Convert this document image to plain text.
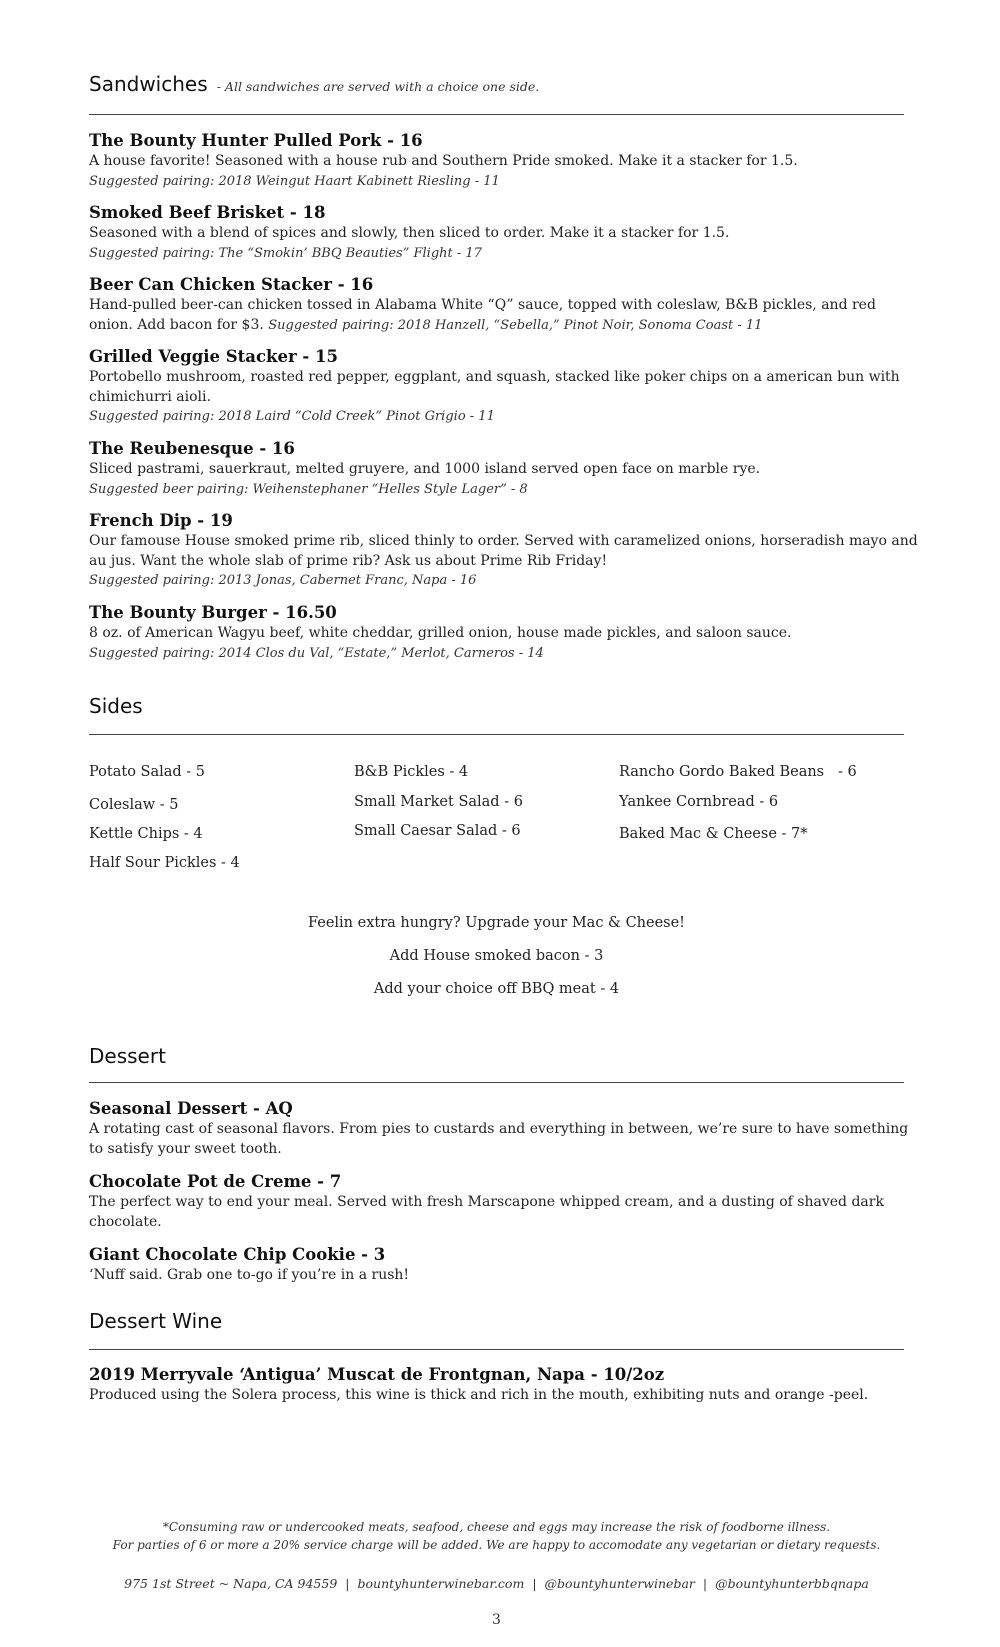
Sandwiches - All sandwiches are served with a choice one side.
The Bounty Hunter Pulled Pork - 16
A house favorite! Seasoned with a house rub and Southern Pride smoked. Make it a stacker for 1.5.
Suggested pairing: 2018 Weingut Haart Kabinett Riesling - 11
Smoked Beef Brisket - 18
Seasoned with a blend of spices and slowly, then sliced to order. Make it a stacker for 1.5.
Suggested pairing: The “Smokin’ BBQ Beauties” Flight - 17
Beer Can Chicken Stacker - 16
Hand-pulled beer-can chicken tossed in Alabama White “Q” sauce, topped with coleslaw, B&B pickles, and red onion. Add bacon for $3. Suggested pairing: 2018 Hanzell, “Sebella,” Pinot Noir, Sonoma Coast - 11
Grilled Veggie Stacker - 15
Portobello mushroom, roasted red pepper, eggplant, and squash, stacked like poker chips on a american bun with chimichurri aioli.
Suggested pairing: 2018 Laird “Cold Creek” Pinot Grigio - 11
The Reubenesque - 16
Sliced pastrami, sauerkraut, melted gruyere, and 1000 island served open face on marble rye.
Suggested beer pairing: Weihenstephaner “Helles Style Lager” - 8
French Dip - 19
Our famouse House smoked prime rib, sliced thinly to order. Served with caramelized onions, horseradish mayo and au jus. Want the whole slab of prime rib? Ask us about Prime Rib Friday!
Suggested pairing: 2013 Jonas, Cabernet Franc, Napa - 16
The Bounty Burger - 16.50
8 oz. of American Wagyu beef, white cheddar, grilled onion, house made pickles, and saloon sauce.
Suggested pairing: 2014 Clos du Val, “Estate,” Merlot, Carneros - 14
Sides
Potato Salad - 5
Coleslaw - 5
Kettle Chips - 4
Half Sour Pickles - 4
B&B Pickles - 4
Small Market Salad - 6
Small Caesar Salad - 6
Rancho Gordo Baked Beans   - 6
Yankee Cornbread - 6
Baked Mac & Cheese - 7*
Feelin extra hungry? Upgrade your Mac & Cheese!
Add House smoked bacon - 3
Add your choice off BBQ meat - 4
Dessert
Seasonal Dessert - AQ
A rotating cast of seasonal flavors. From pies to custards and everything in between, we’re sure to have something to satisfy your sweet tooth.
Chocolate Pot de Creme - 7
The perfect way to end your meal. Served with fresh Marscapone whipped cream, and a dusting of shaved dark chocolate.
Giant Chocolate Chip Cookie - 3
‘Nuff said. Grab one to-go if you’re in a rush!
Dessert Wine
2019 Merryvale ‘Antigua’ Muscat de Frontgnan, Napa - 10/2oz
Produced using the Solera process, this wine is thick and rich in the mouth, exhibiting nuts and orange -peel.
*Consuming raw or undercooked meats, seafood, cheese and eggs may increase the risk of foodborne illness.
For parties of 6 or more a 20% service charge will be added. We are happy to accomodate any vegetarian or dietary requests.
975 1st Street ~ Napa, CA 94559 | bountyhunterwinebar.com | @bountyhunterwinebar | @bountyhunterbbqnapa
3
